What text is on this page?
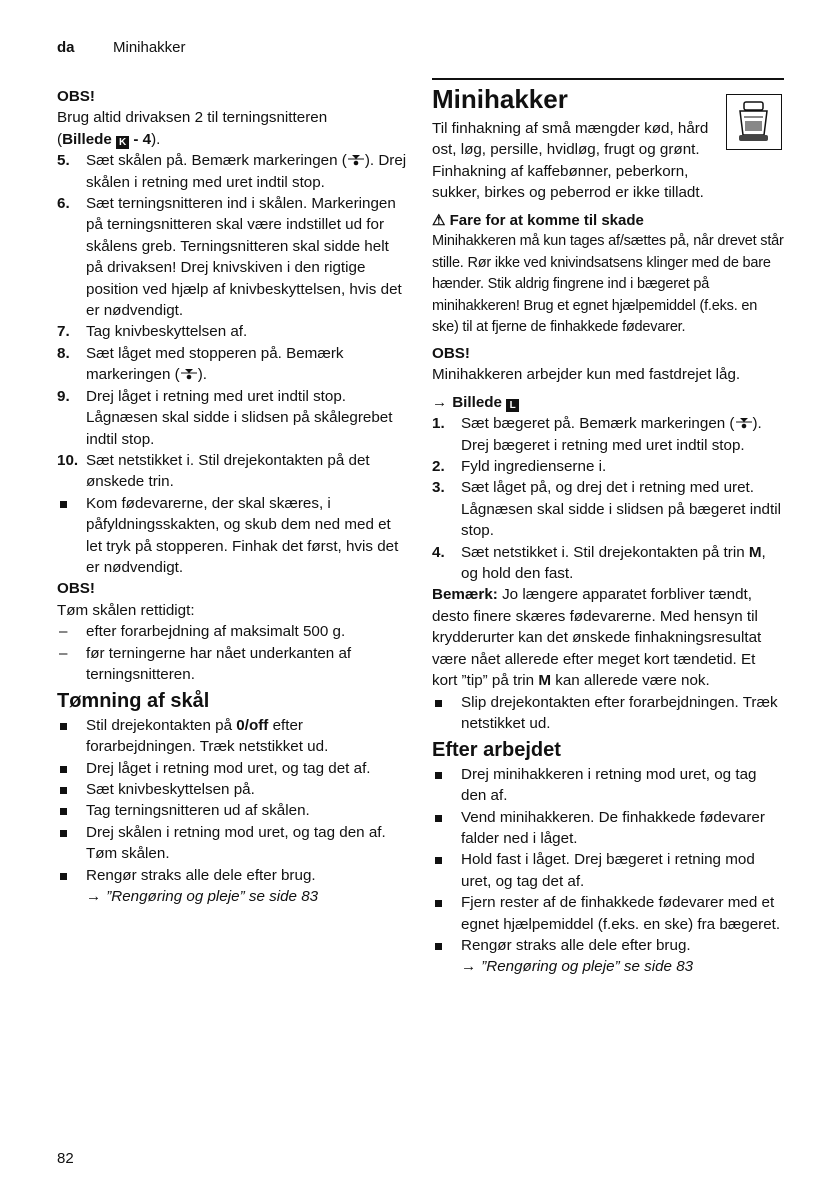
da	Minihakker

OBS!

Brug altid drivaksen 2 til terningsnitteren
(Billede K - 4).

5. Sæt skålen på. Bemærk markeringen ( ). Drej skålen i retning med uret indtil stop.
6. Sæt terningsnitteren ind i skålen. Markeringen på terningsnitteren skal være indstillet ud for skålens greb. Terningsnitteren skal sidde helt på drivaksen! Drej knivskiven i den rigtige position ved hjælp af knivbeskyttelsen, hvis det er nødvendigt.
7. Tag knivbeskyttelsen af.
8. Sæt låget med stopperen på. Bemærk markeringen ( ).
9. Drej låget i retning med uret indtil stop. Lågnæsen skal sidde i slidsen på skålegrebet indtil stop.
10. Sæt netstikket i. Stil drejekontakten på det ønskede trin.
Kom fødevarerne, der skal skæres, i påfyldningsskakten, og skub dem ned med et let tryk på stopperen. Finhak det først, hvis det er nødvendigt.

OBS!

Tøm skålen rettidigt:

– efter forarbejdning af maksimalt 500 g.
– før terningerne har nået underkanten af terningsnitteren.
Tømning af skål
Stil drejekontakten på 0/off efter forarbejdningen. Træk netstikket ud.
Drej låget i retning mod uret, og tag det af.
Sæt knivbeskyttelsen på.
Tag terningsnitteren ud af skålen.
Drej skålen i retning mod uret, og tag den af. Tøm skålen.
Rengør straks alle dele efter brug.
→ ”Rengøring og pleje” se side 83
Minihakker

Til finhakning af små mængder kød, hård ost, løg, persille, hvidløg, frugt og grønt. Finhakning af kaffebønner, peberkorn, sukker, birkes og peberrod er ikke tilladt.

⚠ Fare for at komme til skade

Minihakkeren må kun tages af/sættes på, når drevet står stille. Rør ikke ved knivindsatsens klinger med de bare hænder. Stik aldrig fingrene ind i bægeret på minihakkeren! Brug et egnet hjælpemiddel (f.eks. en ske) til at fjerne de finhakkede fødevarer.

OBS!

Minihakkeren arbejder kun med fastdrejet låg.

→ Billede L

1. Sæt bægeret på. Bemærk markeringen ( ). Drej bægeret i retning med uret indtil stop.
2. Fyld ingredienserne i.
3. Sæt låget på, og drej det i retning med uret. Lågnæsen skal sidde i slidsen på bægeret indtil stop.
4. Sæt netstikket i. Stil drejekontakten på trin M, og hold den fast.

Bemærk: Jo længere apparatet forbliver tændt, desto finere skæres fødevarerne. Med hensyn til krydderurter kan det ønskede finhakningsresultat være nået allerede efter meget kort tændetid. Et kort ”tip” på trin M kan allerede være nok.

Slip drejekontakten efter forarbejdningen. Træk netstikket ud.
Efter arbejdet
Drej minihakkeren i retning mod uret, og tag den af.
Vend minihakkeren. De finhakkede fødevarer falder ned i låget.
Hold fast i låget. Drej bægeret i retning mod uret, og tag det af.
Fjern rester af de finhakkede fødevarer med et egnet hjælpemiddel (f.eks. en ske) fra bægeret.
Rengør straks alle dele efter brug.
→ ”Rengøring og pleje” se side 83
82
